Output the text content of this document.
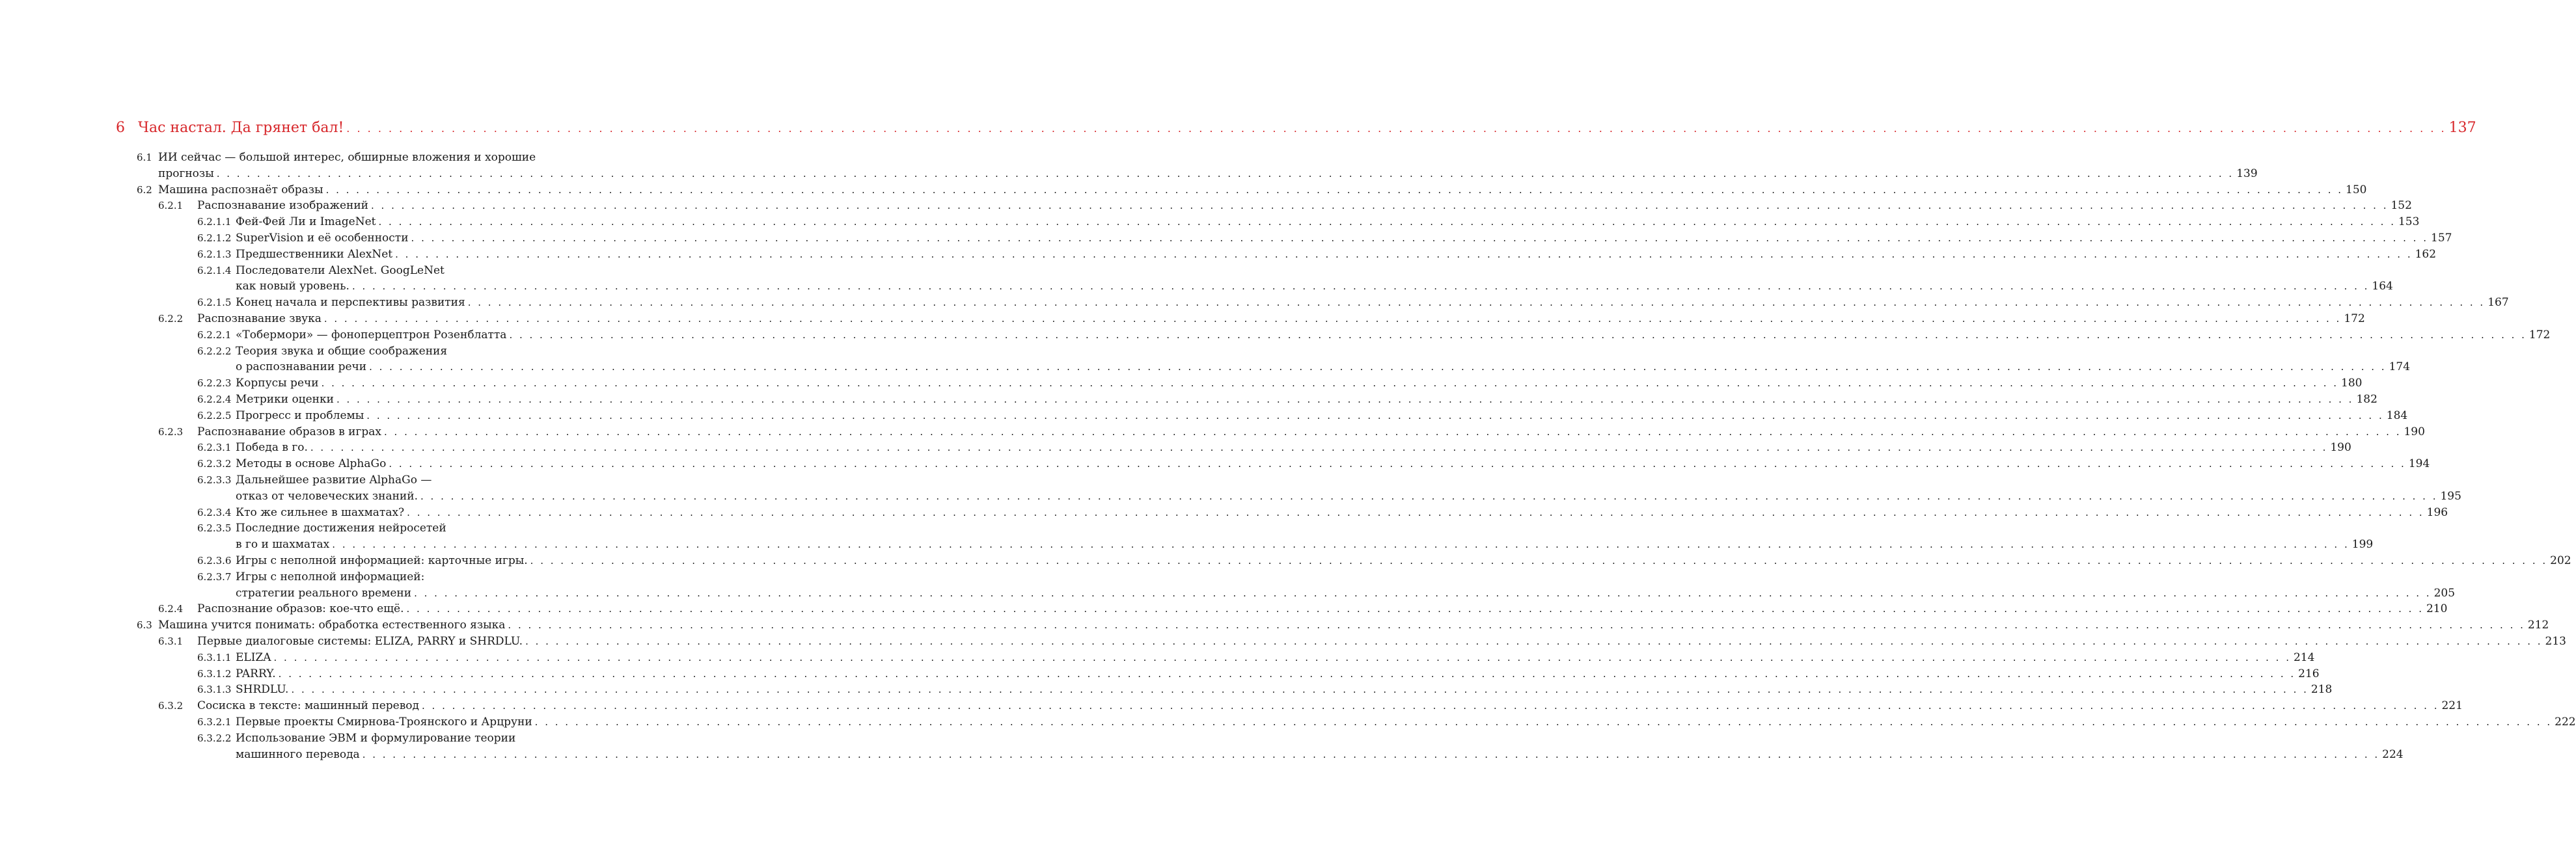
6 Час настал. Да грянет бал! . . . . . . . . . . . . . . . . . . . . . . . . . . . . . . . . . . . . . . . . . . . . . . . . . . . . . . . . . . . . . . . . . . . . . . . . . . . . . . . . . . . . . . . . . . . . . . . . . . . . . . . . . . . . . . . . . . . . . . . . . . . . . . . . . . . . . . . . . . . . . . . . . . . . . . . . . . . . . . . . . . . . . . . . . . . . . . . . . . . . . . . . . . . . . . . . . . . . . . . . 137
6.1 ИИ сейчас — большой интерес, обширные вложения и хорошие
прогнозы . . . . . . . . . . . . . . . . . . . . . . . . . . . . . . . . . . . . . . . . . . . . . . . . . . . . . . . . . . . . . . . . . . . . . . . . . . . . . . . . . . . . . . . . . . . . . . . . . . . . . . . . . . . . . . . . . . . . . . . . . . . . . . . . . . . . . . . . . . . . . . . . . . . . . . . . . . . . . . . . . . . . . . . . . . . . . . . . . . . . . . . . . . . . . . . . . . . . . . . . 139
6.2 Машина распознаёт образы . . . . . . . . . . . . . . . . . . . . . . . . . . . . . . . . . . . . . . . . . . . . . . . . . . . . . . . . . . . . . . . . . . . . . . . . . . . . . . . . . . . . . . . . . . . . . . . . . . . . . . . . . . . . . . . . . . . . . . . . . . . . . . . . . . . . . . . . . . . . . . . . . . . . . . . . . . . . . . . . . . . . . . . . . . . . . . . . . . . . . . . . . . . . . . . . . . . . . . . . 150
6.2.1 Распознавание изображений . . . . . . . . . . . . . . . . . . . . . . . . . . . . . . . . . . . . . . . . . . . . . . . . . . . . . . . . . . . . . . . . . . . . . . . . . . . . . . . . . . . . . . . . . . . . . . . . . . . . . . . . . . . . . . . . . . . . . . . . . . . . . . . . . . . . . . . . . . . . . . . . . . . . . . . . . . . . . . . . . . . . . . . . . . . . . . . . . . . . . . . . . . . . . . . . . . . . . . . . 152
6.2.1.1 Фей-Фей Ли и ImageNet . . . . . . . . . . . . . . . . . . . . . . . . . . . . . . . . . . . . . . . . . . . . . . . . . . . . . . . . . . . . . . . . . . . . . . . . . . . . . . . . . . . . . . . . . . . . . . . . . . . . . . . . . . . . . . . . . . . . . . . . . . . . . . . . . . . . . . . . . . . . . . . . . . . . . . . . . . . . . . . . . . . . . . . . . . . . . . . . . . . . . . . . . . . . . . . . . . . . . . . . 153
6.2.1.2 SuperVision и её особенности . . . . . . . . . . . . . . . . . . . . . . . . . . . . . . . . . . . . . . . . . . . . . . . . . . . . . . . . . . . . . . . . . . . . . . . . . . . . . . . . . . . . . . . . . . . . . . . . . . . . . . . . . . . . . . . . . . . . . . . . . . . . . . . . . . . . . . . . . . . . . . . . . . . . . . . . . . . . . . . . . . . . . . . . . . . . . . . . . . . . . . . . . . . . . . . . . . . . . . . . 157
6.2.1.3 Предшественники AlexNet . . . . . . . . . . . . . . . . . . . . . . . . . . . . . . . . . . . . . . . . . . . . . . . . . . . . . . . . . . . . . . . . . . . . . . . . . . . . . . . . . . . . . . . . . . . . . . . . . . . . . . . . . . . . . . . . . . . . . . . . . . . . . . . . . . . . . . . . . . . . . . . . . . . . . . . . . . . . . . . . . . . . . . . . . . . . . . . . . . . . . . . . . . . . . . . . . . . . . . . . 162
6.2.1.4 Последователи AlexNet. GoogLeNet
как новый уровень. . . . . . . . . . . . . . . . . . . . . . . . . . . . . . . . . . . . . . . . . . . . . . . . . . . . . . . . . . . . . . . . . . . . . . . . . . . . . . . . . . . . . . . . . . . . . . . . . . . . . . . . . . . . . . . . . . . . . . . . . . . . . . . . . . . . . . . . . . . . . . . . . . . . . . . . . . . . . . . . . . . . . . . . . . . . . . . . . . . . . . . . . . . . . . . . . . . . . . . . . 164
6.2.1.5 Конец начала и перспективы развития . . . . . . . . . . . . . . . . . . . . . . . . . . . . . . . . . . . . . . . . . . . . . . . . . . . . . . . . . . . . . . . . . . . . . . . . . . . . . . . . . . . . . . . . . . . . . . . . . . . . . . . . . . . . . . . . . . . . . . . . . . . . . . . . . . . . . . . . . . . . . . . . . . . . . . . . . . . . . . . . . . . . . . . . . . . . . . . . . . . . . . . . . . . . . . . . . . . . . . . . 167
6.2.2 Распознавание звука . . . . . . . . . . . . . . . . . . . . . . . . . . . . . . . . . . . . . . . . . . . . . . . . . . . . . . . . . . . . . . . . . . . . . . . . . . . . . . . . . . . . . . . . . . . . . . . . . . . . . . . . . . . . . . . . . . . . . . . . . . . . . . . . . . . . . . . . . . . . . . . . . . . . . . . . . . . . . . . . . . . . . . . . . . . . . . . . . . . . . . . . . . . . . . . . . . . . . . . . 172
6.2.2.1 «Тобермори» — фоноперцептрон Розенблатта . . . . . . . . . . . . . . . . . . . . . . . . . . . . . . . . . . . . . . . . . . . . . . . . . . . . . . . . . . . . . . . . . . . . . . . . . . . . . . . . . . . . . . . . . . . . . . . . . . . . . . . . . . . . . . . . . . . . . . . . . . . . . . . . . . . . . . . . . . . . . . . . . . . . . . . . . . . . . . . . . . . . . . . . . . . . . . . . . . . . . . . . . . . . . . . . . . . . . . . . 172
6.2.2.2 Теория звука и общие соображения
о распознавании речи . . . . . . . . . . . . . . . . . . . . . . . . . . . . . . . . . . . . . . . . . . . . . . . . . . . . . . . . . . . . . . . . . . . . . . . . . . . . . . . . . . . . . . . . . . . . . . . . . . . . . . . . . . . . . . . . . . . . . . . . . . . . . . . . . . . . . . . . . . . . . . . . . . . . . . . . . . . . . . . . . . . . . . . . . . . . . . . . . . . . . . . . . . . . . . . . . . . . . . . . 174
6.2.2.3 Корпусы речи . . . . . . . . . . . . . . . . . . . . . . . . . . . . . . . . . . . . . . . . . . . . . . . . . . . . . . . . . . . . . . . . . . . . . . . . . . . . . . . . . . . . . . . . . . . . . . . . . . . . . . . . . . . . . . . . . . . . . . . . . . . . . . . . . . . . . . . . . . . . . . . . . . . . . . . . . . . . . . . . . . . . . . . . . . . . . . . . . . . . . . . . . . . . . . . . . . . . . . . . 180
6.2.2.4 Метрики оценки . . . . . . . . . . . . . . . . . . . . . . . . . . . . . . . . . . . . . . . . . . . . . . . . . . . . . . . . . . . . . . . . . . . . . . . . . . . . . . . . . . . . . . . . . . . . . . . . . . . . . . . . . . . . . . . . . . . . . . . . . . . . . . . . . . . . . . . . . . . . . . . . . . . . . . . . . . . . . . . . . . . . . . . . . . . . . . . . . . . . . . . . . . . . . . . . . . . . . . . . 182
6.2.2.5 Прогресс и проблемы . . . . . . . . . . . . . . . . . . . . . . . . . . . . . . . . . . . . . . . . . . . . . . . . . . . . . . . . . . . . . . . . . . . . . . . . . . . . . . . . . . . . . . . . . . . . . . . . . . . . . . . . . . . . . . . . . . . . . . . . . . . . . . . . . . . . . . . . . . . . . . . . . . . . . . . . . . . . . . . . . . . . . . . . . . . . . . . . . . . . . . . . . . . . . . . . . . . . . . . . 184
6.2.3 Распознавание образов в играх . . . . . . . . . . . . . . . . . . . . . . . . . . . . . . . . . . . . . . . . . . . . . . . . . . . . . . . . . . . . . . . . . . . . . . . . . . . . . . . . . . . . . . . . . . . . . . . . . . . . . . . . . . . . . . . . . . . . . . . . . . . . . . . . . . . . . . . . . . . . . . . . . . . . . . . . . . . . . . . . . . . . . . . . . . . . . . . . . . . . . . . . . . . . . . . . . . . . . . . . 190
6.2.3.1 Победа в го. . . . . . . . . . . . . . . . . . . . . . . . . . . . . . . . . . . . . . . . . . . . . . . . . . . . . . . . . . . . . . . . . . . . . . . . . . . . . . . . . . . . . . . . . . . . . . . . . . . . . . . . . . . . . . . . . . . . . . . . . . . . . . . . . . . . . . . . . . . . . . . . . . . . . . . . . . . . . . . . . . . . . . . . . . . . . . . . . . . . . . . . . . . . . . . . . . . . . . . . . 190
6.2.3.2 Методы в основе AlphaGo . . . . . . . . . . . . . . . . . . . . . . . . . . . . . . . . . . . . . . . . . . . . . . . . . . . . . . . . . . . . . . . . . . . . . . . . . . . . . . . . . . . . . . . . . . . . . . . . . . . . . . . . . . . . . . . . . . . . . . . . . . . . . . . . . . . . . . . . . . . . . . . . . . . . . . . . . . . . . . . . . . . . . . . . . . . . . . . . . . . . . . . . . . . . . . . . . . . . . . . . 194
6.2.3.3 Дальнейшее развитие AlphaGo —
отказ от человеческих знаний. . . . . . . . . . . . . . . . . . . . . . . . . . . . . . . . . . . . . . . . . . . . . . . . . . . . . . . . . . . . . . . . . . . . . . . . . . . . . . . . . . . . . . . . . . . . . . . . . . . . . . . . . . . . . . . . . . . . . . . . . . . . . . . . . . . . . . . . . . . . . . . . . . . . . . . . . . . . . . . . . . . . . . . . . . . . . . . . . . . . . . . . . . . . . . . . . . . . . . . . . 195
6.2.3.4 Кто же сильнее в шахматах? . . . . . . . . . . . . . . . . . . . . . . . . . . . . . . . . . . . . . . . . . . . . . . . . . . . . . . . . . . . . . . . . . . . . . . . . . . . . . . . . . . . . . . . . . . . . . . . . . . . . . . . . . . . . . . . . . . . . . . . . . . . . . . . . . . . . . . . . . . . . . . . . . . . . . . . . . . . . . . . . . . . . . . . . . . . . . . . . . . . . . . . . . . . . . . . . . . . . . . . . 196
6.2.3.5 Последние достижения нейросетей
в го и шахматах . . . . . . . . . . . . . . . . . . . . . . . . . . . . . . . . . . . . . . . . . . . . . . . . . . . . . . . . . . . . . . . . . . . . . . . . . . . . . . . . . . . . . . . . . . . . . . . . . . . . . . . . . . . . . . . . . . . . . . . . . . . . . . . . . . . . . . . . . . . . . . . . . . . . . . . . . . . . . . . . . . . . . . . . . . . . . . . . . . . . . . . . . . . . . . . . . . . . . . . . 199
6.2.3.6 Игры с неполной информацией: карточные игры. . . . . . . . . . . . . . . . . . . . . . . . . . . . . . . . . . . . . . . . . . . . . . . . . . . . . . . . . . . . . . . . . . . . . . . . . . . . . . . . . . . . . . . . . . . . . . . . . . . . . . . . . . . . . . . . . . . . . . . . . . . . . . . . . . . . . . . . . . . . . . . . . . . . . . . . . . . . . . . . . . . . . . . . . . . . . . . . . . . . . . . . . . . . . . . . . . . . . . . . . 202
6.2.3.7 Игры с неполной информацией:
стратегии реального времени . . . . . . . . . . . . . . . . . . . . . . . . . . . . . . . . . . . . . . . . . . . . . . . . . . . . . . . . . . . . . . . . . . . . . . . . . . . . . . . . . . . . . . . . . . . . . . . . . . . . . . . . . . . . . . . . . . . . . . . . . . . . . . . . . . . . . . . . . . . . . . . . . . . . . . . . . . . . . . . . . . . . . . . . . . . . . . . . . . . . . . . . . . . . . . . . . . . . . . . . 205
6.2.4 Распознание образов: кое-что ещё. . . . . . . . . . . . . . . . . . . . . . . . . . . . . . . . . . . . . . . . . . . . . . . . . . . . . . . . . . . . . . . . . . . . . . . . . . . . . . . . . . . . . . . . . . . . . . . . . . . . . . . . . . . . . . . . . . . . . . . . . . . . . . . . . . . . . . . . . . . . . . . . . . . . . . . . . . . . . . . . . . . . . . . . . . . . . . . . . . . . . . . . . . . . . . . . . . . . . . . . . 210
6.3 Машина учится понимать: обработка естественного языка . . . . . . . . . . . . . . . . . . . . . . . . . . . . . . . . . . . . . . . . . . . . . . . . . . . . . . . . . . . . . . . . . . . . . . . . . . . . . . . . . . . . . . . . . . . . . . . . . . . . . . . . . . . . . . . . . . . . . . . . . . . . . . . . . . . . . . . . . . . . . . . . . . . . . . . . . . . . . . . . . . . . . . . . . . . . . . . . . . . . . . . . . . . . . . . . . . . . . . . . 212
6.3.1 Первые диалоговые системы: ELIZA, PARRY и SHRDLU. . . . . . . . . . . . . . . . . . . . . . . . . . . . . . . . . . . . . . . . . . . . . . . . . . . . . . . . . . . . . . . . . . . . . . . . . . . . . . . . . . . . . . . . . . . . . . . . . . . . . . . . . . . . . . . . . . . . . . . . . . . . . . . . . . . . . . . . . . . . . . . . . . . . . . . . . . . . . . . . . . . . . . . . . . . . . . . . . . . . . . . . . . . . . . . . . . . . . . . . . 213
6.3.1.1 ELIZA . . . . . . . . . . . . . . . . . . . . . . . . . . . . . . . . . . . . . . . . . . . . . . . . . . . . . . . . . . . . . . . . . . . . . . . . . . . . . . . . . . . . . . . . . . . . . . . . . . . . . . . . . . . . . . . . . . . . . . . . . . . . . . . . . . . . . . . . . . . . . . . . . . . . . . . . . . . . . . . . . . . . . . . . . . . . . . . . . . . . . . . . . . . . . . . . . . . . . . . . 214
6.3.1.2 PARRY. . . . . . . . . . . . . . . . . . . . . . . . . . . . . . . . . . . . . . . . . . . . . . . . . . . . . . . . . . . . . . . . . . . . . . . . . . . . . . . . . . . . . . . . . . . . . . . . . . . . . . . . . . . . . . . . . . . . . . . . . . . . . . . . . . . . . . . . . . . . . . . . . . . . . . . . . . . . . . . . . . . . . . . . . . . . . . . . . . . . . . . . . . . . . . . . . . . . . . . . . 216
6.3.1.3 SHRDLU. . . . . . . . . . . . . . . . . . . . . . . . . . . . . . . . . . . . . . . . . . . . . . . . . . . . . . . . . . . . . . . . . . . . . . . . . . . . . . . . . . . . . . . . . . . . . . . . . . . . . . . . . . . . . . . . . . . . . . . . . . . . . . . . . . . . . . . . . . . . . . . . . . . . . . . . . . . . . . . . . . . . . . . . . . . . . . . . . . . . . . . . . . . . . . . . . . . . . . . . . 218
6.3.2 Сосиска в тексте: машинный перевод . . . . . . . . . . . . . . . . . . . . . . . . . . . . . . . . . . . . . . . . . . . . . . . . . . . . . . . . . . . . . . . . . . . . . . . . . . . . . . . . . . . . . . . . . . . . . . . . . . . . . . . . . . . . . . . . . . . . . . . . . . . . . . . . . . . . . . . . . . . . . . . . . . . . . . . . . . . . . . . . . . . . . . . . . . . . . . . . . . . . . . . . . . . . . . . . . . . . . . . . 221
6.3.2.1 Первые проекты Смирнова-Троянского и Арцруни . . . . . . . . . . . . . . . . . . . . . . . . . . . . . . . . . . . . . . . . . . . . . . . . . . . . . . . . . . . . . . . . . . . . . . . . . . . . . . . . . . . . . . . . . . . . . . . . . . . . . . . . . . . . . . . . . . . . . . . . . . . . . . . . . . . . . . . . . . . . . . . . . . . . . . . . . . . . . . . . . . . . . . . . . . . . . . . . . . . . . . . . . . . . . . . . . . . . . . . . 222
6.3.2.2 Использование ЭВМ и формулирование теории
машинного перевода . . . . . . . . . . . . . . . . . . . . . . . . . . . . . . . . . . . . . . . . . . . . . . . . . . . . . . . . . . . . . . . . . . . . . . . . . . . . . . . . . . . . . . . . . . . . . . . . . . . . . . . . . . . . . . . . . . . . . . . . . . . . . . . . . . . . . . . . . . . . . . . . . . . . . . . . . . . . . . . . . . . . . . . . . . . . . . . . . . . . . . . . . . . . . . . . . . . . . . . . 224
